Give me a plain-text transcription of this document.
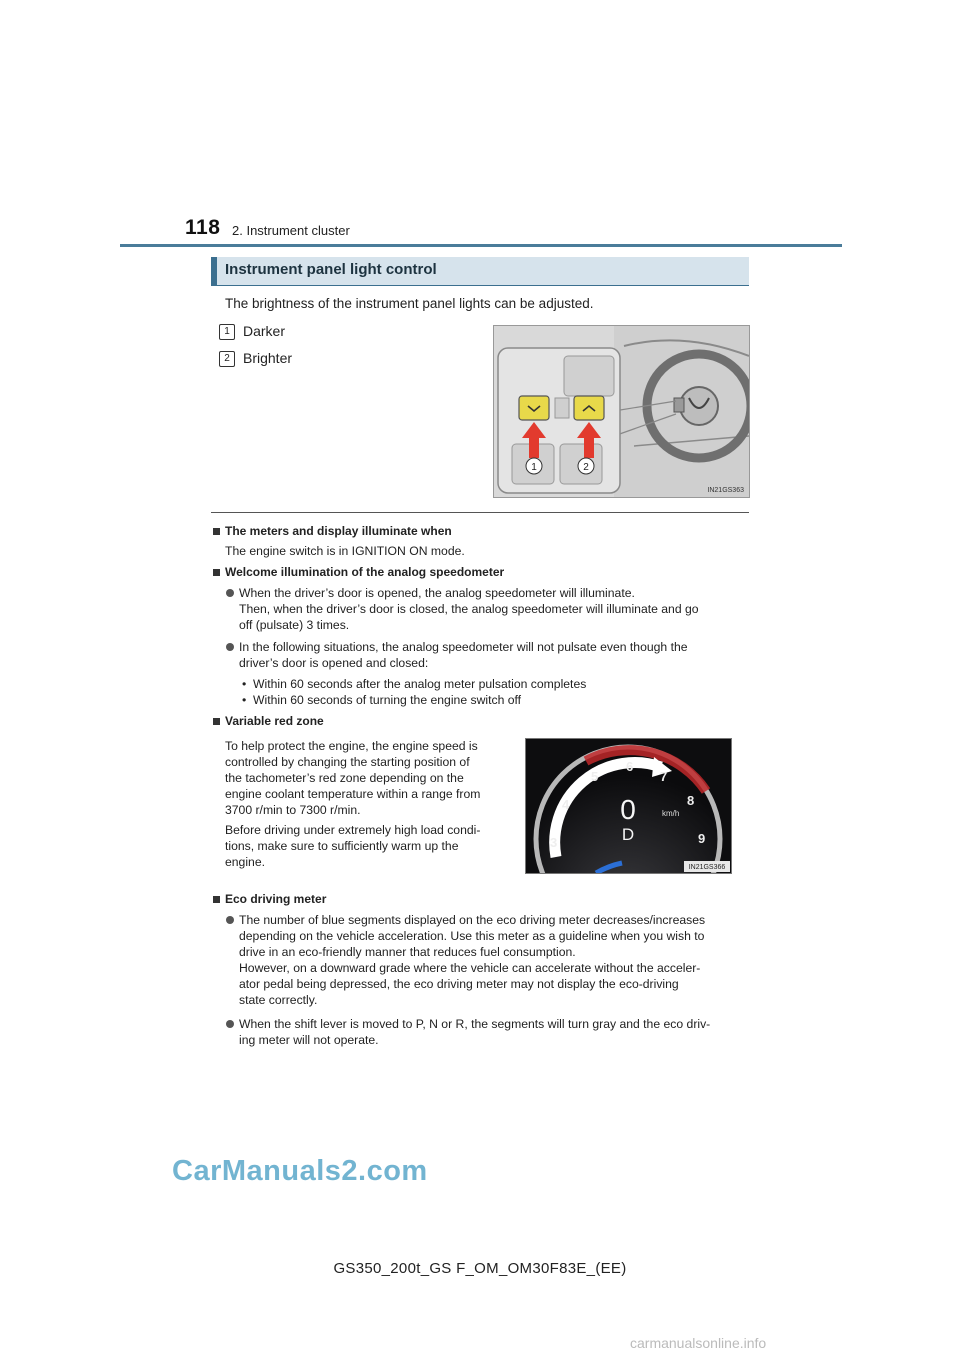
118 2. Instrument cluster
Instrument panel light control
The brightness of the instrument panel lights can be adjusted.
1 Darker
2 Brighter
1	2
IN21GS363
The meters and display illuminate when
The engine switch is in IGNITION ON mode.
Welcome illumination of the analog speedometer
When the driver’s door is opened, the analog speedometer will illuminate.
Then, when the driver’s door is closed, the analog speedometer will illuminate and go
off (pulsate) 3 times.
In the following situations, the analog speedometer will not pulsate even though the
driver’s door is opened and closed:
• Within 60 seconds after the analog meter pulsation completes
• Within 60 seconds of turning the engine switch off
Variable red zone
To help protect the engine, the engine speed is
controlled by changing the starting position of
the tachometer’s red zone depending on the
engine coolant temperature within a range from
3700 r/min to 7300 r/min.
Before driving under extremely high load condi-
tions, make sure to sufficiently warm up the
engine.
3
4
5
6
7
8
9
0	km/h
D
IN21GS366
Eco driving meter
The number of blue segments displayed on the eco driving meter decreases/increases
depending on the vehicle acceleration. Use this meter as a guideline when you wish to
drive in an eco-friendly manner that reduces fuel consumption.
However, on a downward grade where the vehicle can accelerate without the acceler-
ator pedal being depressed, the eco driving meter may not display the eco-driving
state correctly.
When the shift lever is moved to P, N or R, the segments will turn gray and the eco driv-
ing meter will not operate.
CarManuals2.com
GS350_200t_GS F_OM_OM30F83E_(EE)
carmanualsonline.info
